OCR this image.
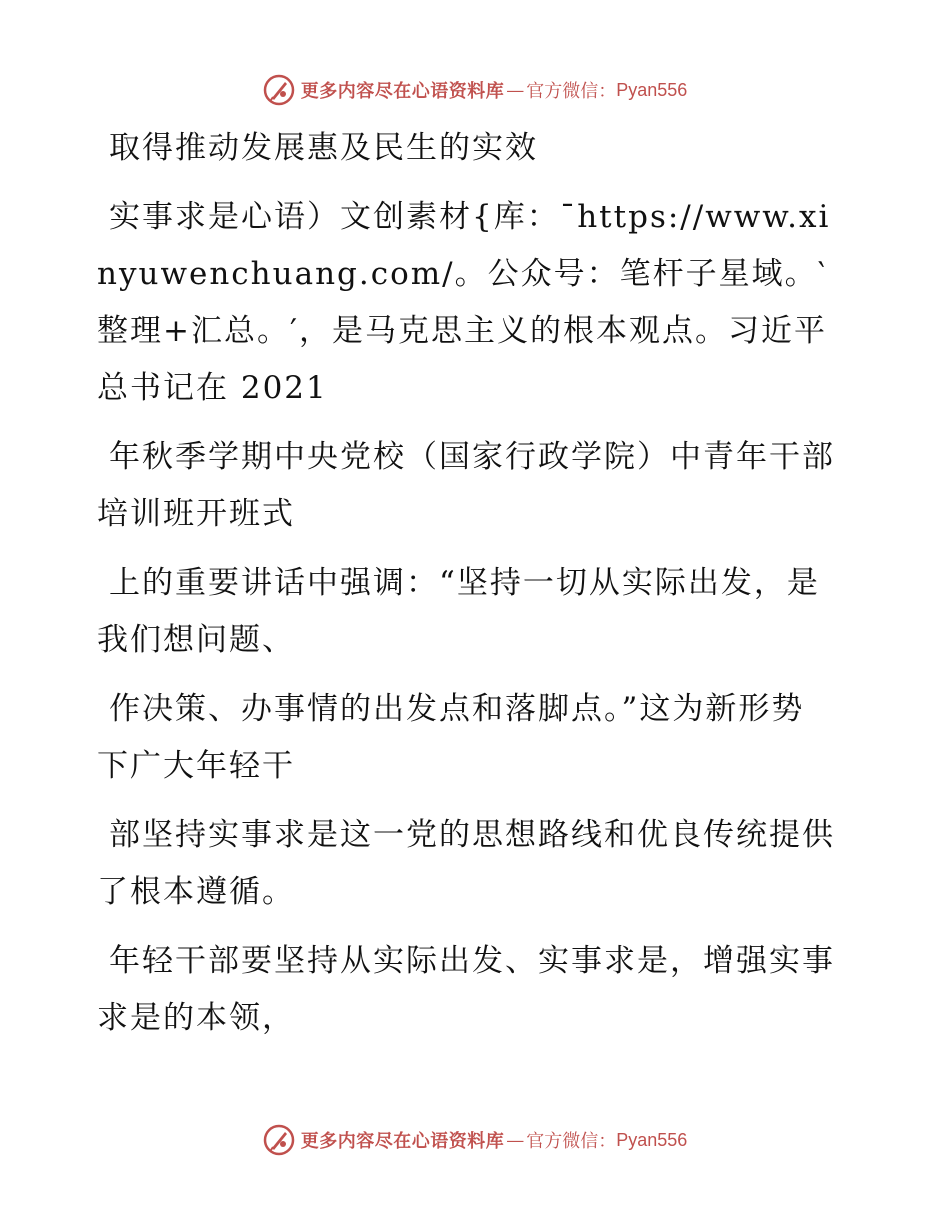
更多内容尽在心语资料库 — 官方微信： Pyan556

取得推动发展惠及民生的实效

实事求是心语）文创素材{库：¯https://www.xinyuwenchuang.com/。公众号：笔杆子星域。‵整理+汇总。′，是马克思主义的根本观点。习近平总书记在 2021

年秋季学期中央党校（国家行政学院）中青年干部培训班开班式

上的重要讲话中强调：“坚持一切从实际出发，是我们想问题、

作决策、办事情的出发点和落脚点。”这为新形势下广大年轻干

部坚持实事求是这一党的思想路线和优良传统提供了根本遵循。

年轻干部要坚持从实际出发、实事求是，增强实事求是的本领，

更多内容尽在心语资料库 — 官方微信： Pyan556
